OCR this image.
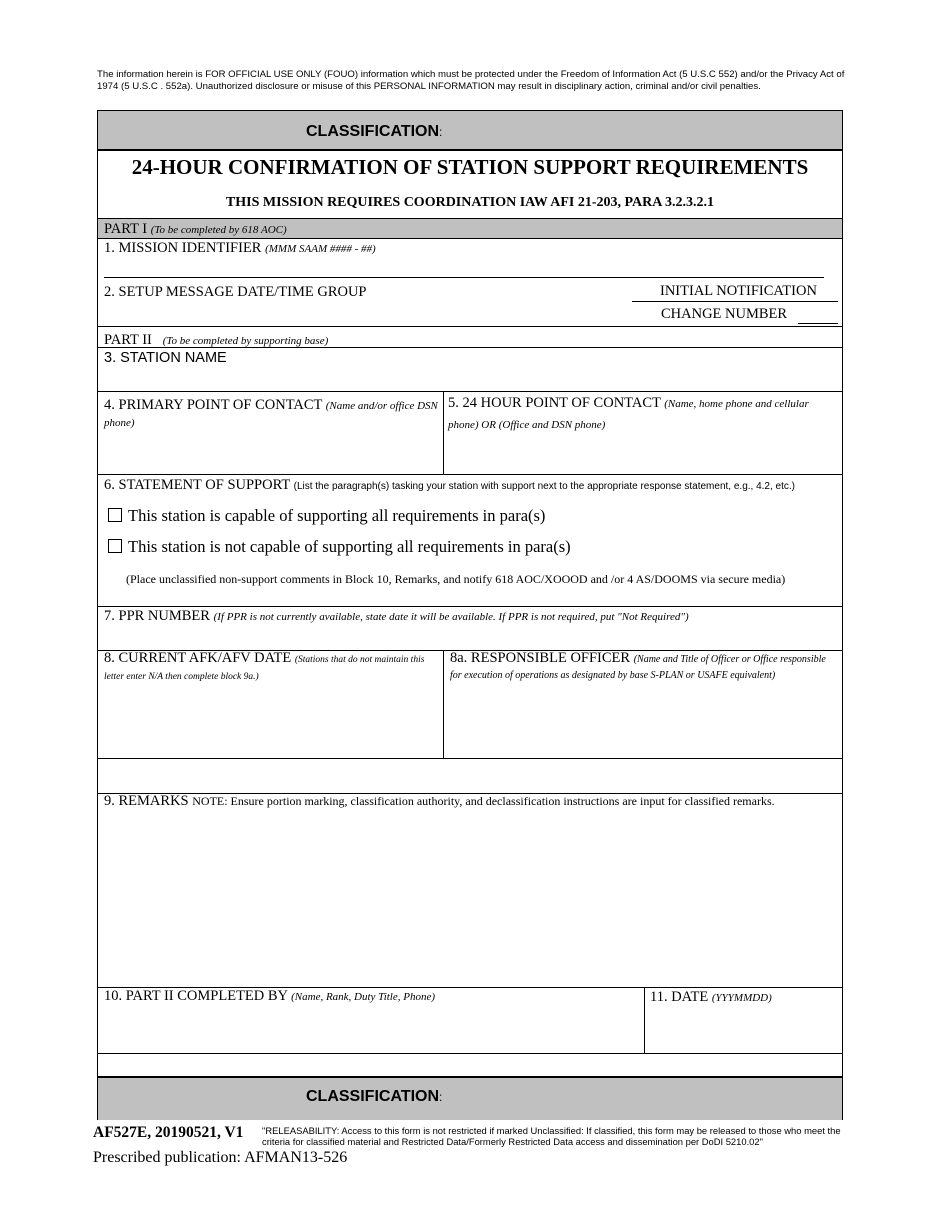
The information herein is FOR OFFICIAL USE ONLY (FOUO) information which must be protected under the Freedom of Information Act (5 U.S.C 552) and/or the Privacy Act of 1974 (5 U.S.C . 552a). Unauthorized disclosure or misuse of this PERSONAL INFORMATION may result in disciplinary action, criminal and/or civil penalties.
CLASSIFICATION:
24-HOUR CONFIRMATION OF STATION SUPPORT REQUIREMENTS
THIS MISSION REQUIRES COORDINATION IAW AFI 21-203, PARA 3.2.3.2.1
PART I (To be completed by 618 AOC)
1. MISSION IDENTIFIER (MMM SAAM #### - ##)
2. SETUP MESSAGE DATE/TIME GROUP	INITIAL NOTIFICATION
CHANGE NUMBER
PART II (To be completed by supporting base)
3. STATION NAME
4. PRIMARY POINT OF CONTACT (Name and/or office DSN phone)
5. 24 HOUR POINT OF CONTACT (Name, home phone and cellular phone) OR (Office and DSN phone)
6. STATEMENT OF SUPPORT (List the paragraph(s) tasking your station with support next to the appropriate response statement, e.g., 4.2, etc.)
This station is capable of supporting all requirements in para(s)
This station is not capable of supporting all requirements in para(s)
(Place unclassified non-support comments in Block 10, Remarks, and notify 618 AOC/XOOOD and /or 4 AS/DOOMS via secure media)
7. PPR NUMBER (If PPR is not currently available, state date it will be available. If PPR is not required, put "Not Required")
8. CURRENT AFK/AFV DATE (Stations that do not maintain this letter enter N/A then complete block 9a.)
8a. RESPONSIBLE OFFICER (Name and Title of Officer or Office responsible for execution of operations as designated by base S-PLAN or USAFE equivalent)
9. REMARKS NOTE: Ensure portion marking, classification authority, and declassification instructions are input for classified remarks.
10. PART II COMPLETED BY (Name, Rank, Duty Title, Phone)	11. DATE (YYYMMDD)
CLASSIFICATION:
AF527E, 20190521, V1 "RELEASABILITY: Access to this form is not restricted if marked Unclassified: If classified, this form may be released to those who meet the criteria for classified material and Restricted Data/Formerly Restricted Data access and dissemination per DoDI 5210.02"
Prescribed publication: AFMAN13-526
